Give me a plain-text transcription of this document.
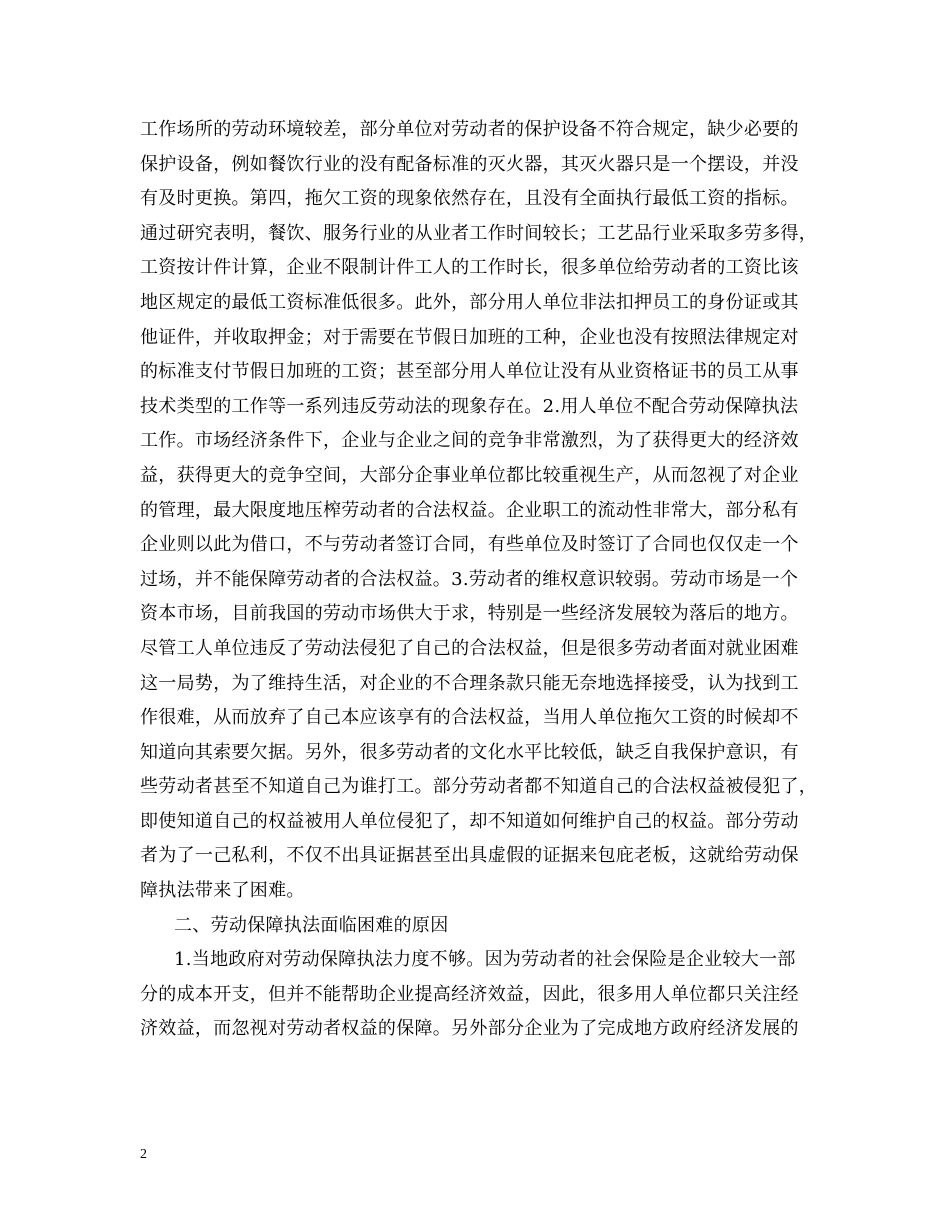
工作场所的劳动环境较差，部分单位对劳动者的保护设备不符合规定，缺少必要的
保护设备，例如餐饮行业的没有配备标准的灭火器，其灭火器只是一个摆设，并没
有及时更换。第四，拖欠工资的现象依然存在，且没有全面执行最低工资的指标。
通过研究表明，餐饮、服务行业的从业者工作时间较长；工艺品行业采取多劳多得，
工资按计件计算，企业不限制计件工人的工作时长，很多单位给劳动者的工资比该
地区规定的最低工资标准低很多。此外，部分用人单位非法扣押员工的身份证或其
他证件，并收取押金；对于需要在节假日加班的工种，企业也没有按照法律规定对
的标准支付节假日加班的工资；甚至部分用人单位让没有从业资格证书的员工从事
技术类型的工作等一系列违反劳动法的现象存在。2.用人单位不配合劳动保障执法
工作。市场经济条件下，企业与企业之间的竞争非常激烈，为了获得更大的经济效
益，获得更大的竞争空间，大部分企事业单位都比较重视生产，从而忽视了对企业
的管理，最大限度地压榨劳动者的合法权益。企业职工的流动性非常大，部分私有
企业则以此为借口，不与劳动者签订合同，有些单位及时签订了合同也仅仅走一个
过场，并不能保障劳动者的合法权益。3.劳动者的维权意识较弱。劳动市场是一个
资本市场，目前我国的劳动市场供大于求，特别是一些经济发展较为落后的地方。
尽管工人单位违反了劳动法侵犯了自己的合法权益，但是很多劳动者面对就业困难
这一局势，为了维持生活，对企业的不合理条款只能无奈地选择接受，认为找到工
作很难，从而放弃了自己本应该享有的合法权益，当用人单位拖欠工资的时候却不
知道向其索要欠据。另外，很多劳动者的文化水平比较低，缺乏自我保护意识，有
些劳动者甚至不知道自己为谁打工。部分劳动者都不知道自己的合法权益被侵犯了，
即使知道自己的权益被用人单位侵犯了，却不知道如何维护自己的权益。部分劳动
者为了一己私利，不仅不出具证据甚至出具虚假的证据来包庇老板，这就给劳动保
障执法带来了困难。
二、劳动保障执法面临困难的原因
1.当地政府对劳动保障执法力度不够。因为劳动者的社会保险是企业较大一部
分的成本开支，但并不能帮助企业提高经济效益，因此，很多用人单位都只关注经
济效益，而忽视对劳动者权益的保障。另外部分企业为了完成地方政府经济发展的
2
